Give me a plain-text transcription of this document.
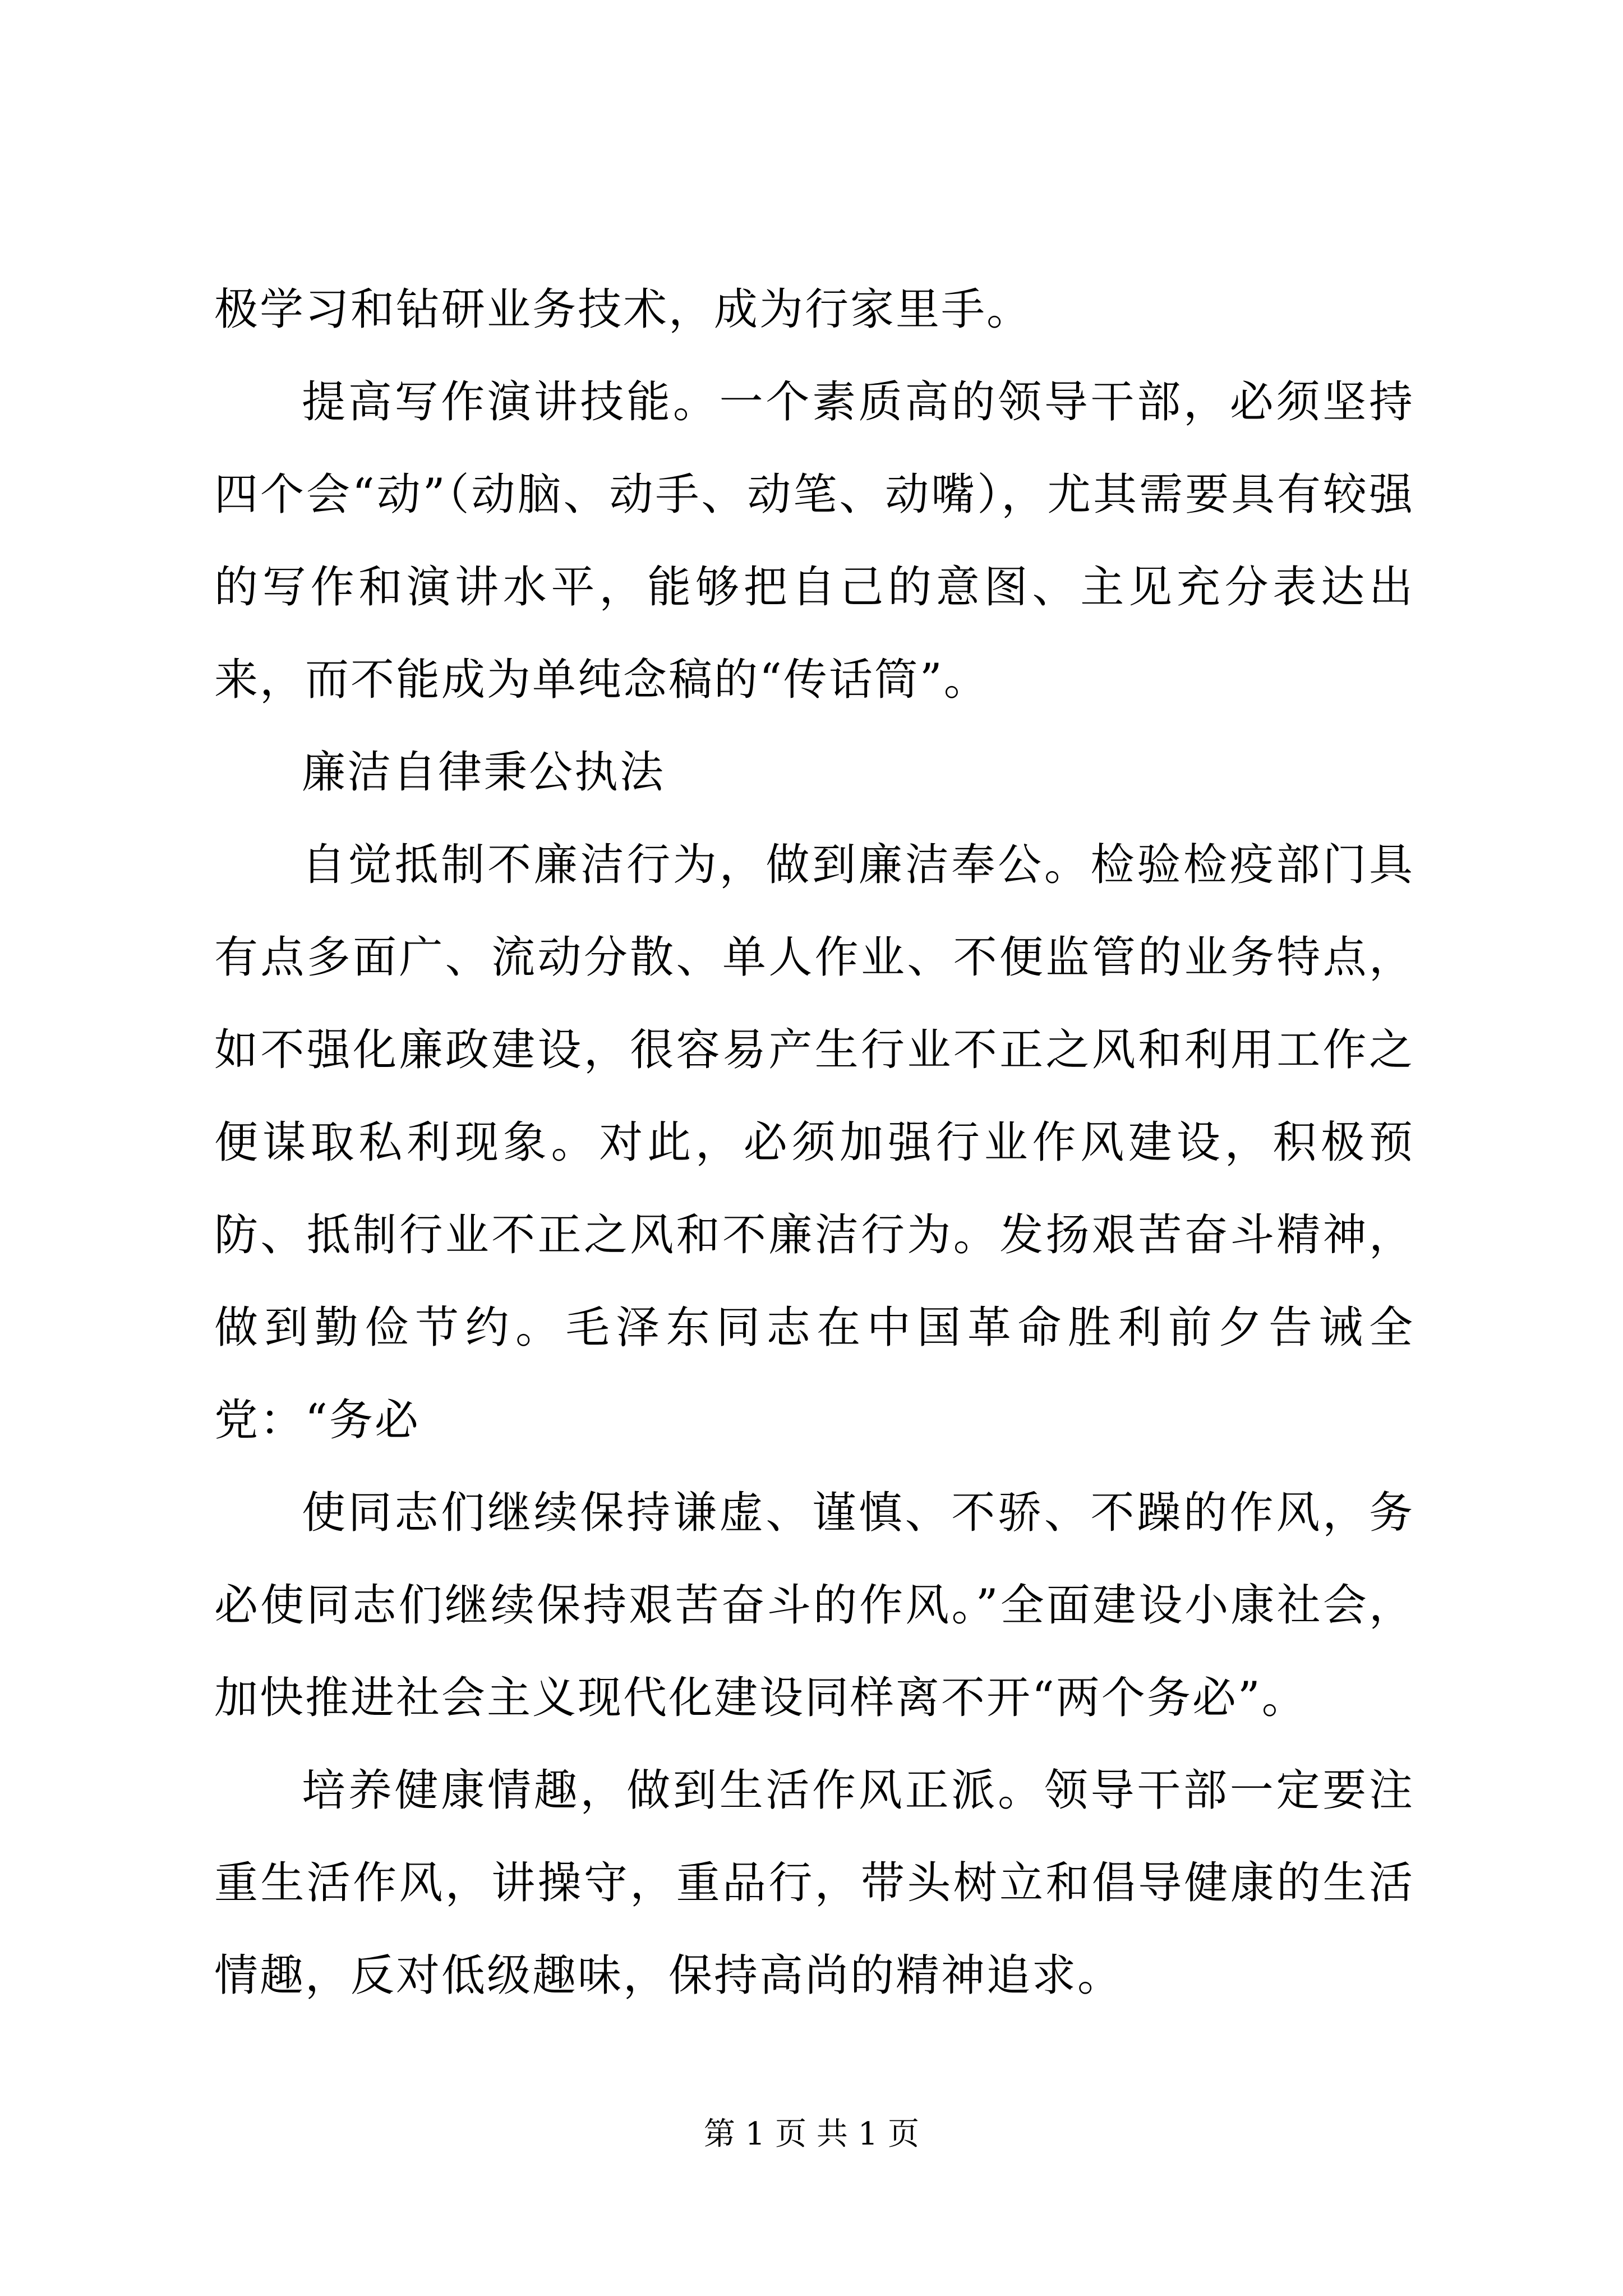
极学习和钻研业务技术，成为行家里手。

提高写作演讲技能。一个素质高的领导干部，必须坚持四个会“动”（动脑、动手、动笔、动嘴），尤其需要具有较强的写作和演讲水平，能够把自己的意图、主见充分表达出来，而不能成为单纯念稿的“传话筒”。

廉洁自律秉公执法

自觉抵制不廉洁行为，做到廉洁奉公。检验检疫部门具有点多面广、流动分散、单人作业、不便监管的业务特点，如不强化廉政建设，很容易产生行业不正之风和利用工作之便谋取私利现象。对此，必须加强行业作风建设，积极预防、抵制行业不正之风和不廉洁行为。发扬艰苦奋斗精神，做到勤俭节约。毛泽东同志在中国革命胜利前夕告诫全党：“务必

使同志们继续保持谦虚、谨慎、不骄、不躁的作风，务必使同志们继续保持艰苦奋斗的作风。”全面建设小康社会，加快推进社会主义现代化建设同样离不开“两个务必”。

培养健康情趣，做到生活作风正派。领导干部一定要注重生活作风，讲操守，重品行，带头树立和倡导健康的生活情趣，反对低级趣味，保持高尚的精神追求。

第 1 页 共 1 页
